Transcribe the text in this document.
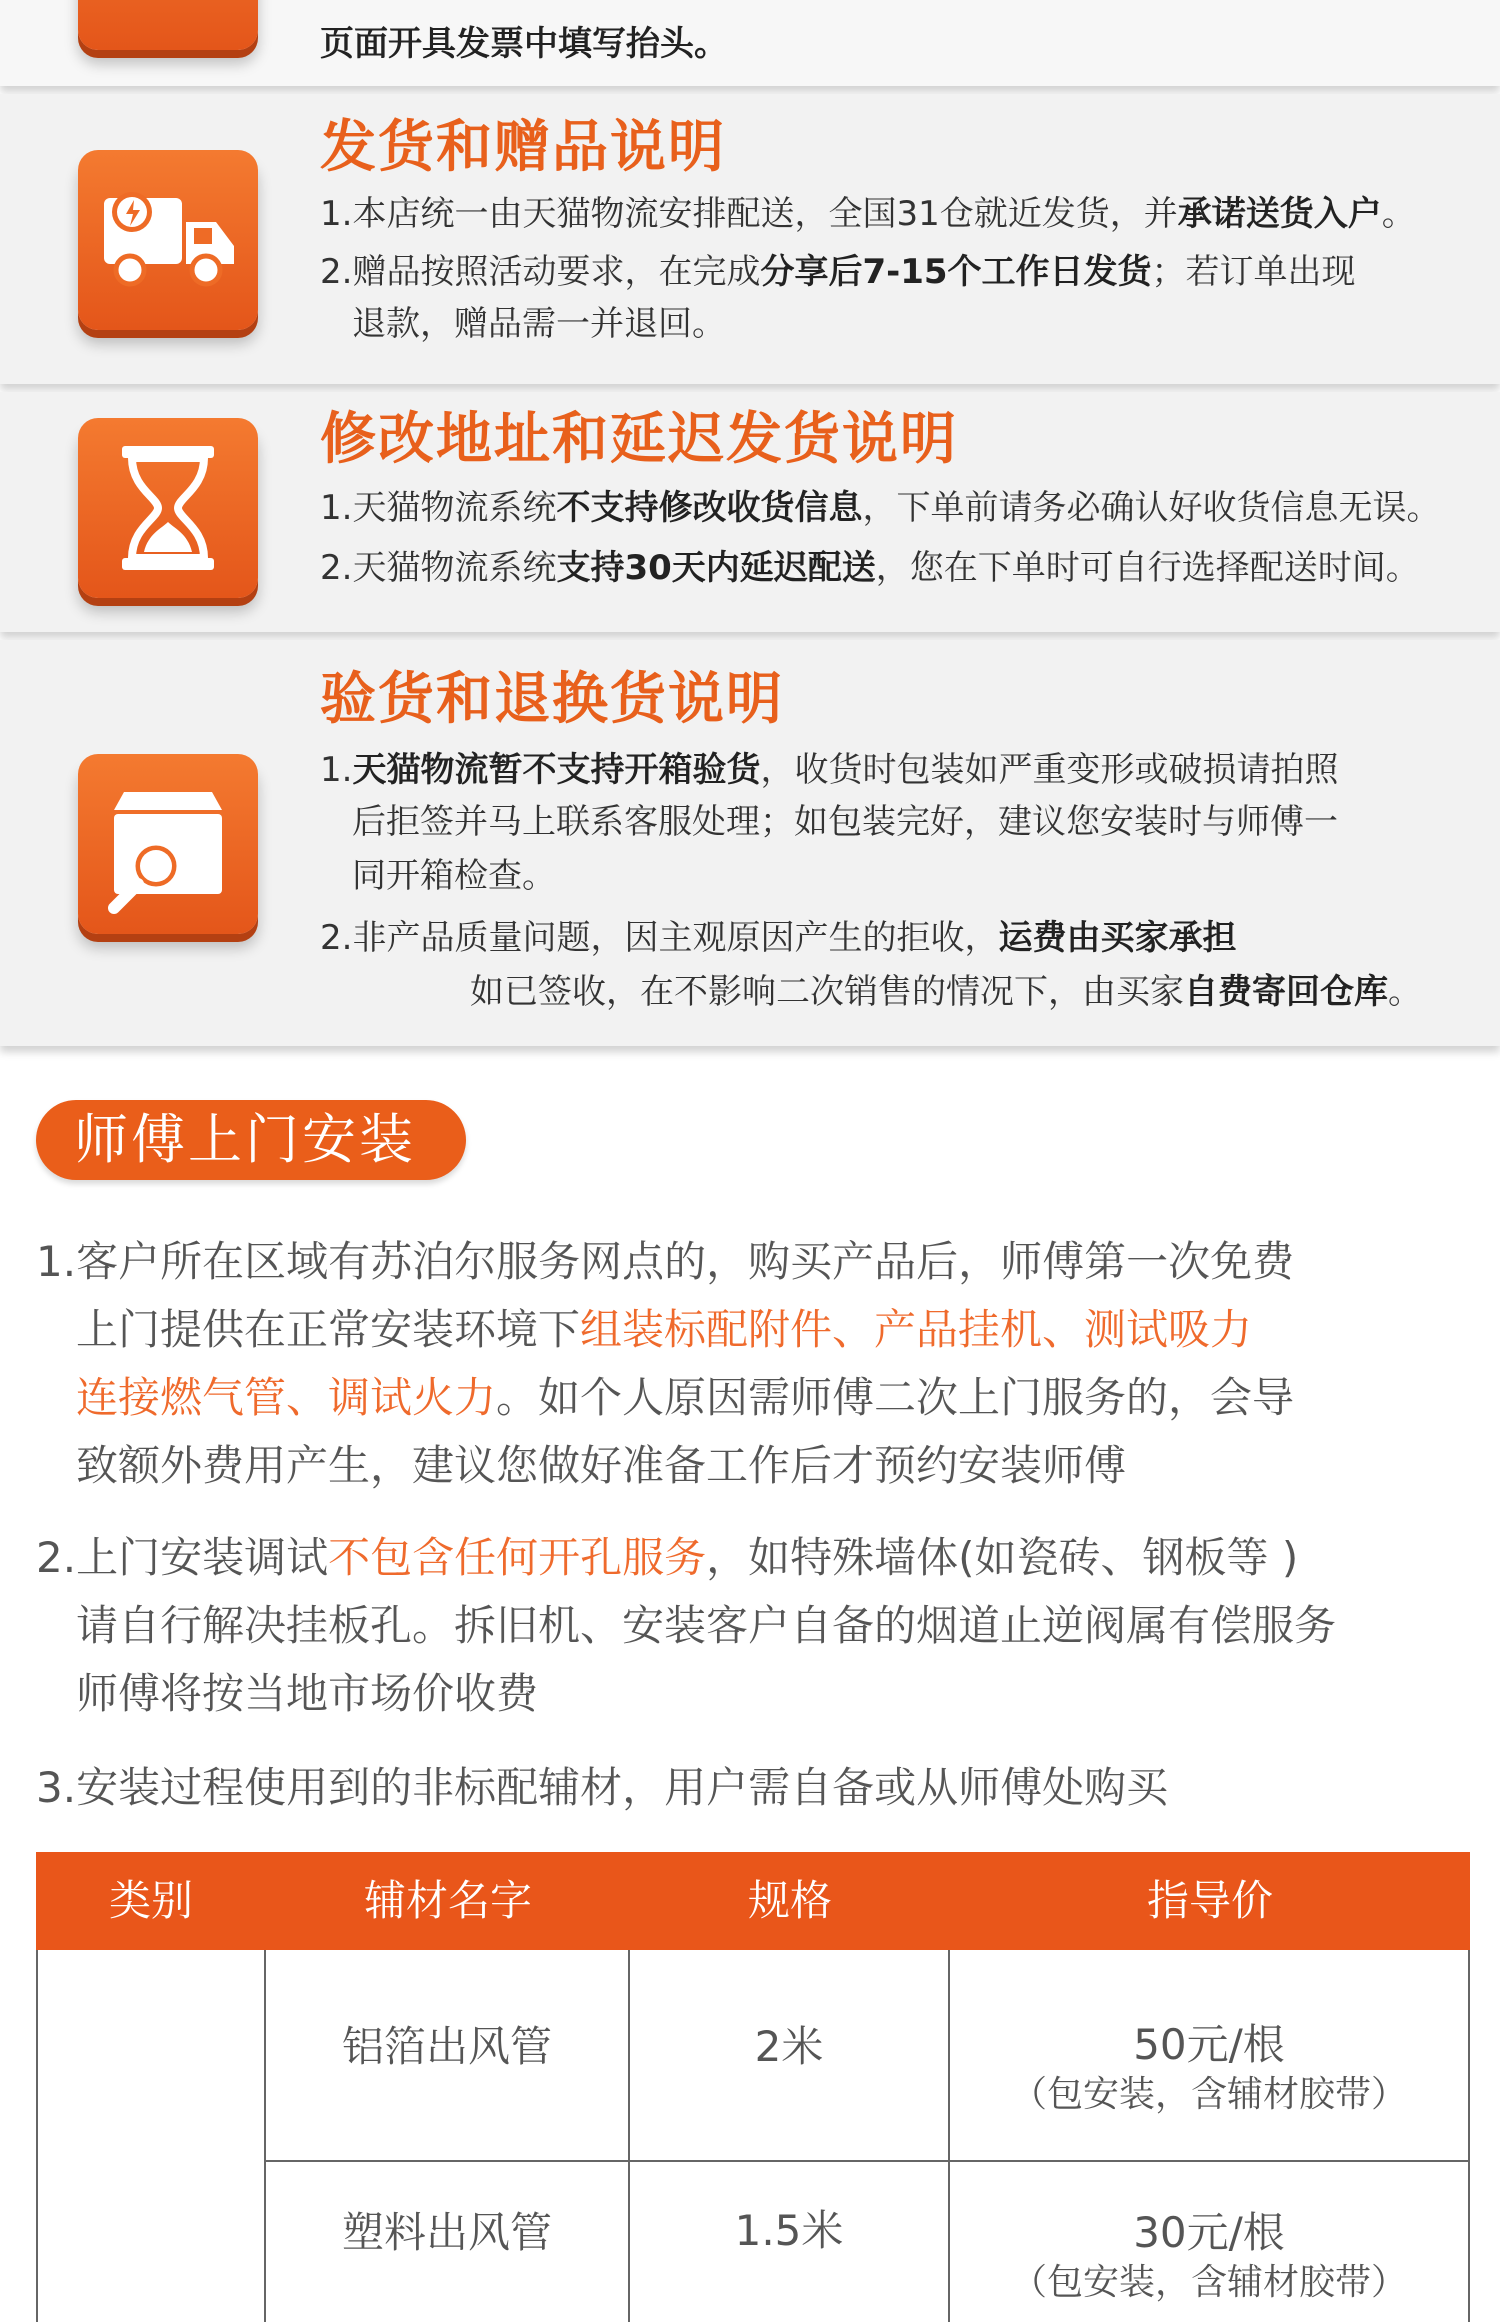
页面开具发票中填写抬头。
发货和赠品说明
1.本店统一由天猫物流安排配送，全国31仓就近发货，并承诺送货入户。
2.赠品按照活动要求，在完成分享后7-15个工作日发货；若订单出现
退款，赠品需一并退回。
修改地址和延迟发货说明
1.天猫物流系统不支持修改收货信息，下单前请务必确认好收货信息无误。
2.天猫物流系统支持30天内延迟配送，您在下单时可自行选择配送时间。
验货和退换货说明
1.天猫物流暂不支持开箱验货，收货时包装如严重变形或破损请拍照
后拒签并马上联系客服处理；如包装完好，建议您安装时与师傅一
同开箱检查。
2.非产品质量问题，因主观原因产生的拒收，运费由买家承担
如已签收，在不影响二次销售的情况下，由买家自费寄回仓库。
师傅上门安装
1.客户所在区域有苏泊尔服务网点的，购买产品后，师傅第一次免费
上门提供在正常安装环境下组装标配附件、产品挂机、测试吸力
连接燃气管、调试火力。如个人原因需师傅二次上门服务的，会导
致额外费用产生，建议您做好准备工作后才预约安装师傅
2.上门安装调试不包含任何开孔服务，如特殊墙体(如瓷砖、钢板等 )
请自行解决挂板孔。拆旧机、安装客户自备的烟道止逆阀属有偿服务
师傅将按当地市场价收费
3.安装过程使用到的非标配辅材，用户需自备或从师傅处购买
类别	辅材名字	规格	指导价
铝箔出风管	2米	50元/根
（包安装，含辅材胶带）
塑料出风管	1.5米	30元/根
（包安装，含辅材胶带）
